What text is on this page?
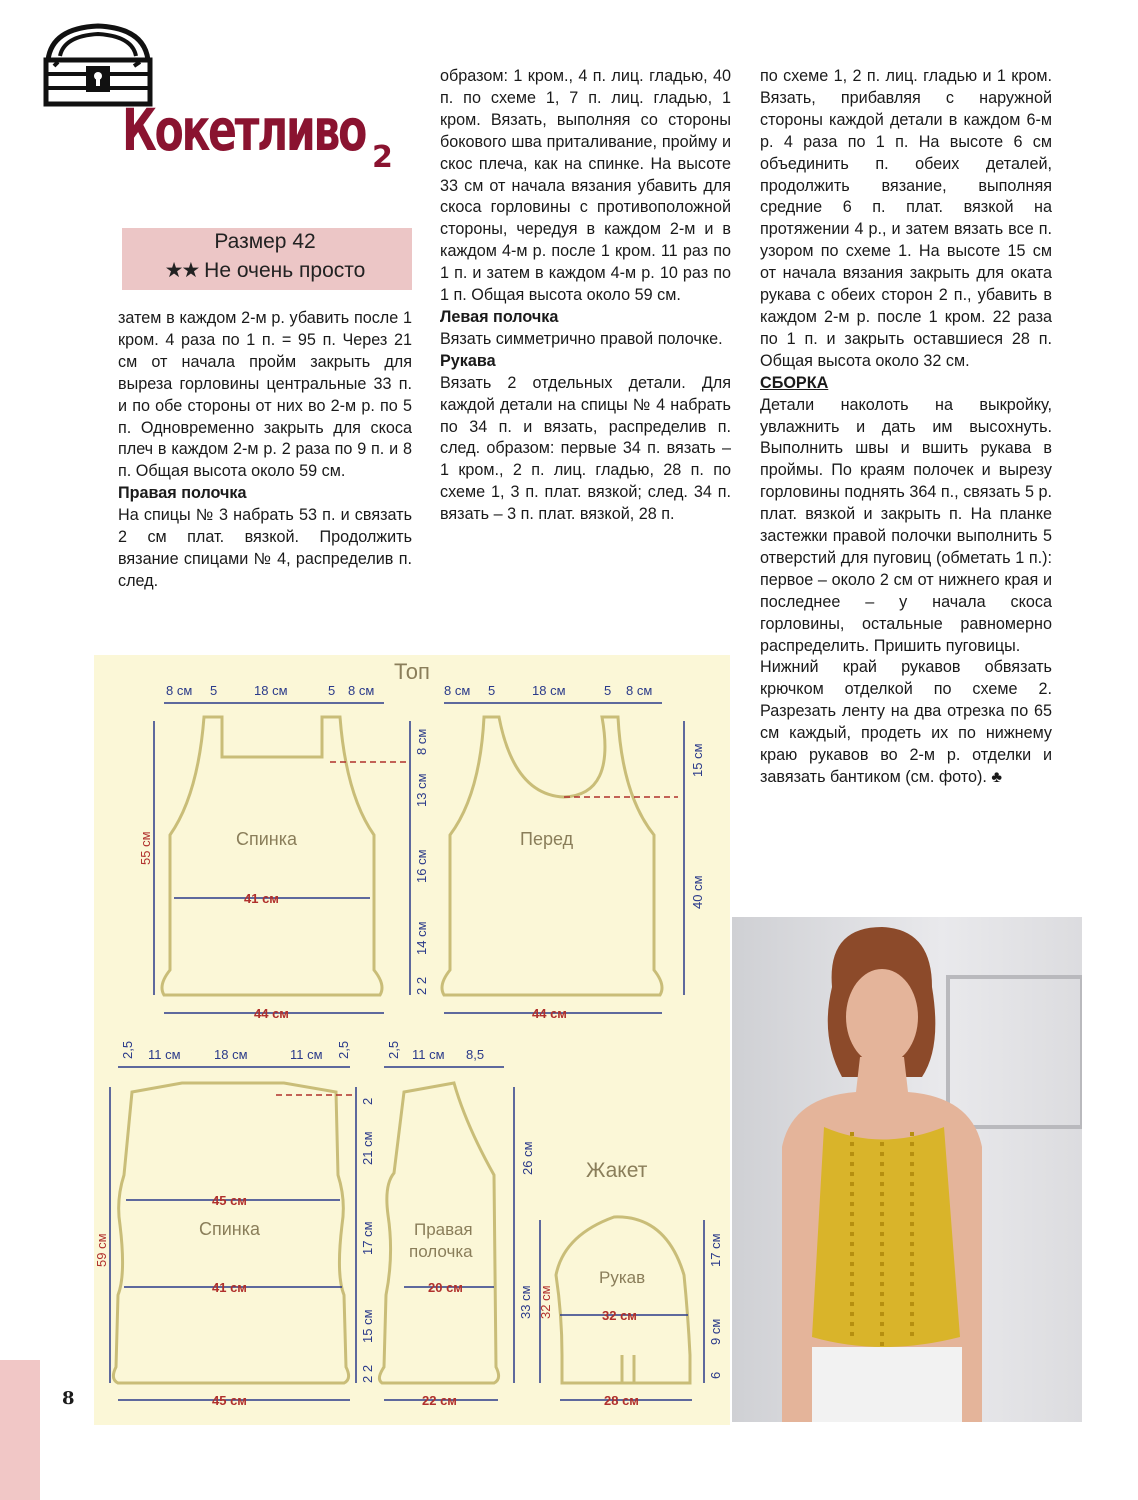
8
Кокетливо 2
Размер 42
★★ Не очень просто

затем в каждом 2-м р. убавить после 1 кром. 4 раза по 1 п. = 95 п. Через 21 см от начала пройм закрыть для выреза горловины центральные 33 п. и по обе стороны от них во 2-м р. по 5 п. Одновременно закрыть для скоса плеч в каждом 2-м р. 2 раза по 9 п. и 8 п. Общая высота около 59 см.

Правая полочка

На спицы № 3 набрать 53 п. и связать 2 см плат. вязкой. Продолжить вязание спицами № 4, распределив п. след.

образом: 1 кром., 4 п. лиц. гладью, 40 п. по схеме 1, 7 п. лиц. гладью, 1 кром. Вязать, выполняя со стороны бокового шва приталивание, пройму и скос плеча, как на спинке. На высоте 33 см от начала вязания убавить для скоса горловины с противоположной стороны, чередуя в каждом 2-м и в каждом 4-м р. после 1 кром. 11 раз по 1 п. и затем в каждом 4-м р. 10 раз по 1 п. Общая высота около 59 см.

Левая полочка

Вязать симметрично правой полочке.

Рукава

Вязать 2 отдельных детали. Для каждой детали на спицы № 4 набрать по 34 п. и вязать, распределив п. след. образом: первые 34 п. вязать – 1 кром., 2 п. лиц. гладью, 28 п. по схеме 1, 3 п. плат. вязкой; след. 34 п. вязать – 3 п. плат. вязкой, 28 п.

по схеме 1, 2 п. лиц. гладью и 1 кром. Вязать, прибавляя с наружной стороны каждой детали в каждом 6-м р. 4 раза по 1 п. На высоте 6 см объединить п. обеих деталей, продолжить вязание, выполняя средние 6 п. плат. вязкой на протяжении 4 р., и затем вязать все п. узором по схеме 1. На высоте 15 см от начала вязания закрыть для оката рукава с обеих сторон 2 п., убавить в каждом 2-м р. после 1 кром. 22 раза по 1 п. и закрыть оставшиеся 28 п. Общая высота около 32 см.

СБОРКА

Детали наколоть на выкройку, увлажнить и дать им высохнуть. Выполнить швы и вшить рукава в проймы. По краям полочек и вырезу горловины поднять 364 п., связать 5 р. плат. вязкой и закрыть п. На планке застежки правой полочки выполнить 5 отверстий для пуговиц (обметать 1 п.): первое – около 2 см от нижнего края и последнее – у начала скоса горловины, остальные равномерно распределить. Пришить пуговицы.

Нижний край рукавов обвязать крючком отделкой по схеме 2. Разрезать ленту на два отрезка по 65 см каждый, продеть их по нижнему краю рукавов во 2-м р. отделки и завязать бантиком (см. фото). ♣

Топ
Жакет
Спинка	Перед
Спинка	Правая
полочка
Рукав
8 см 5	18 см	5 8 см	8 см 5	18 см	5 8 см
41 см
44 см	44 см
11 см	18 см	11 см	11 см 8,5
45 см
41 см	20 см
32 см
45 см	22 см	28 см
55 см
8 см
13 см
16 см
14 см
2 2
15 см
40 см
2,5	2,5	2,5
59 см
2
21 см
17 см
15 см
2 2
26 см
33 см 32 см
17 см
9 см
6
